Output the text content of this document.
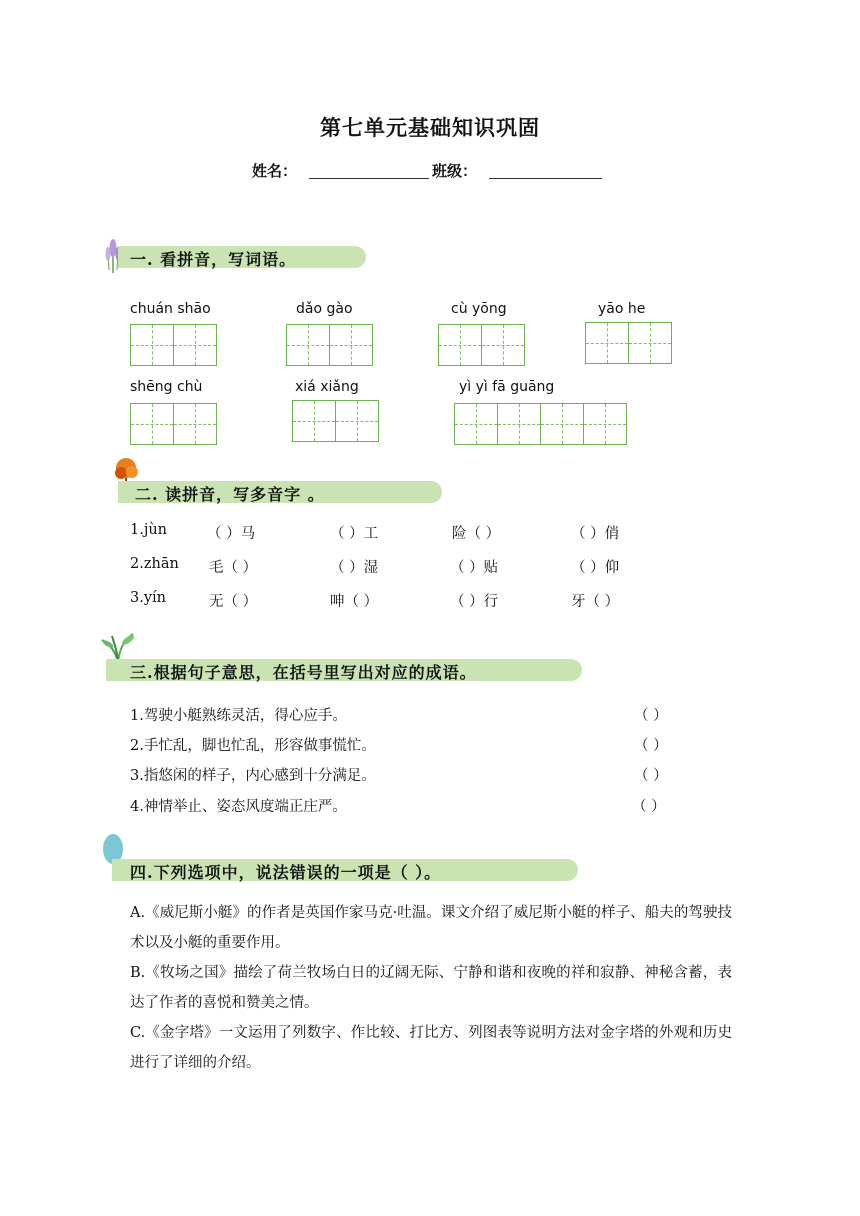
第七单元基础知识巩固
姓名：	班级：
一. 看拼音，写词语。
chuán shāo	dǎo gào	cù yōng	yāo he
shēng chù	xiá xiǎng	yì yì fā guāng
二. 读拼音，写多音字 。
1.jùn	（ ）马	（ ）工	险（ ）	（ ）俏
2.zhān 毛（ ）	（ ）湿	（ ）贴	（ ）仰
3.yín	无（ ）	呻（ ）	（ ）行	牙（ ）
三.根据句子意思，在括号里写出对应的成语。
1.驾驶小艇熟练灵活，得心应手。	（ ）
2.手忙乱，脚也忙乱，形容做事慌忙。	（ ）
3.指悠闲的样子，内心感到十分满足。	（ ）
4.神情举止、姿态风度端正庄严。	（ ）
四.下列选项中，说法错误的一项是（ ）。
A.《威尼斯小艇》的作者是英国作家马克·吐温。课文介绍了威尼斯小艇的样子、船夫的驾驶技术以及小艇的重要作用。
B.《牧场之国》描绘了荷兰牧场白日的辽阔无际、宁静和谐和夜晚的祥和寂静、神秘含蓄，表达了作者的喜悦和赞美之情。
C.《金字塔》一文运用了列数字、作比较、打比方、列图表等说明方法对金字塔的外观和历史进行了详细的介绍。
